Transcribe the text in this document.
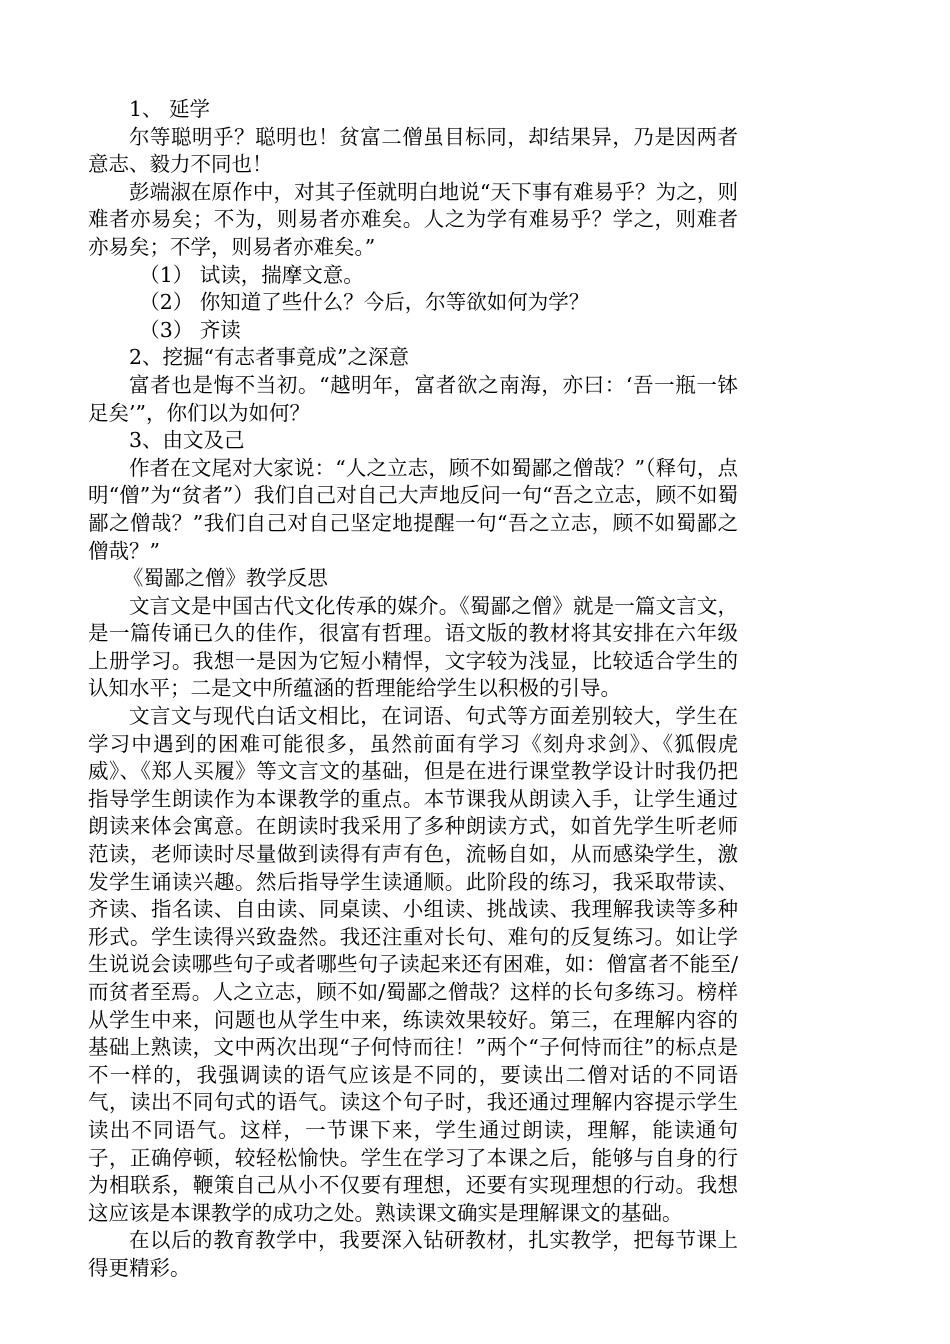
1、 延学

尔等聪明乎？聪明也！贫富二僧虽目标同，却结果异，乃是因两者意志、毅力不同也！

彭端淑在原作中，对其子侄就明白地说“天下事有难易乎？为之，则难者亦易矣；不为，则易者亦难矣。人之为学有难易乎？学之，则难者亦易矣；不学，则易者亦难矣。”

（1） 试读，揣摩文意。

（2） 你知道了些什么？今后，尔等欲如何为学？

（3） 齐读

2、挖掘“有志者事竟成”之深意

富者也是悔不当初。“越明年，富者欲之南海，亦曰：‘吾一瓶一钵足矣’”，你们以为如何？

3、由文及己

作者在文尾对大家说：“人之立志，顾不如蜀鄙之僧哉？”（释句，点明“僧”为“贫者”）我们自己对自己大声地反问一句“吾之立志，顾不如蜀鄙之僧哉？”我们自己对自己坚定地提醒一句“吾之立志，顾不如蜀鄙之僧哉？”

《蜀鄙之僧》教学反思

文言文是中国古代文化传承的媒介。《蜀鄙之僧》就是一篇文言文，是一篇传诵已久的佳作，很富有哲理。语文版的教材将其安排在六年级上册学习。我想一是因为它短小精悍，文字较为浅显，比较适合学生的认知水平；二是文中所蕴涵的哲理能给学生以积极的引导。

文言文与现代白话文相比，在词语、句式等方面差别较大，学生在学习中遇到的困难可能很多，虽然前面有学习《刻舟求剑》、《狐假虎威》、《郑人买履》等文言文的基础，但是在进行课堂教学设计时我仍把指导学生朗读作为本课教学的重点。本节课我从朗读入手，让学生通过朗读来体会寓意。在朗读时我采用了多种朗读方式，如首先学生听老师范读，老师读时尽量做到读得有声有色，流畅自如，从而感染学生，激发学生诵读兴趣。然后指导学生读通顺。此阶段的练习，我采取带读、齐读、指名读、自由读、同桌读、小组读、挑战读、我理解我读等多种形式。学生读得兴致盎然。我还注重对长句、难句的反复练习。如让学生说说会读哪些句子或者哪些句子读起来还有困难，如：僧富者不能至/而贫者至焉。人之立志，顾不如/蜀鄙之僧哉？这样的长句多练习。榜样从学生中来，问题也从学生中来，练读效果较好。第三，在理解内容的基础上熟读，文中两次出现“子何恃而往！”两个“子何恃而往”的标点是不一样的，我强调读的语气应该是不同的，要读出二僧对话的不同语气，读出不同句式的语气。读这个句子时，我还通过理解内容提示学生读出不同语气。这样，一节课下来，学生通过朗读，理解，能读通句子，正确停顿，较轻松愉快。学生在学习了本课之后，能够与自身的行为相联系，鞭策自己从小不仅要有理想，还要有实现理想的行动。我想这应该是本课教学的成功之处。熟读课文确实是理解课文的基础。

在以后的教育教学中，我要深入钻研教材，扎实教学，把每节课上得更精彩。
